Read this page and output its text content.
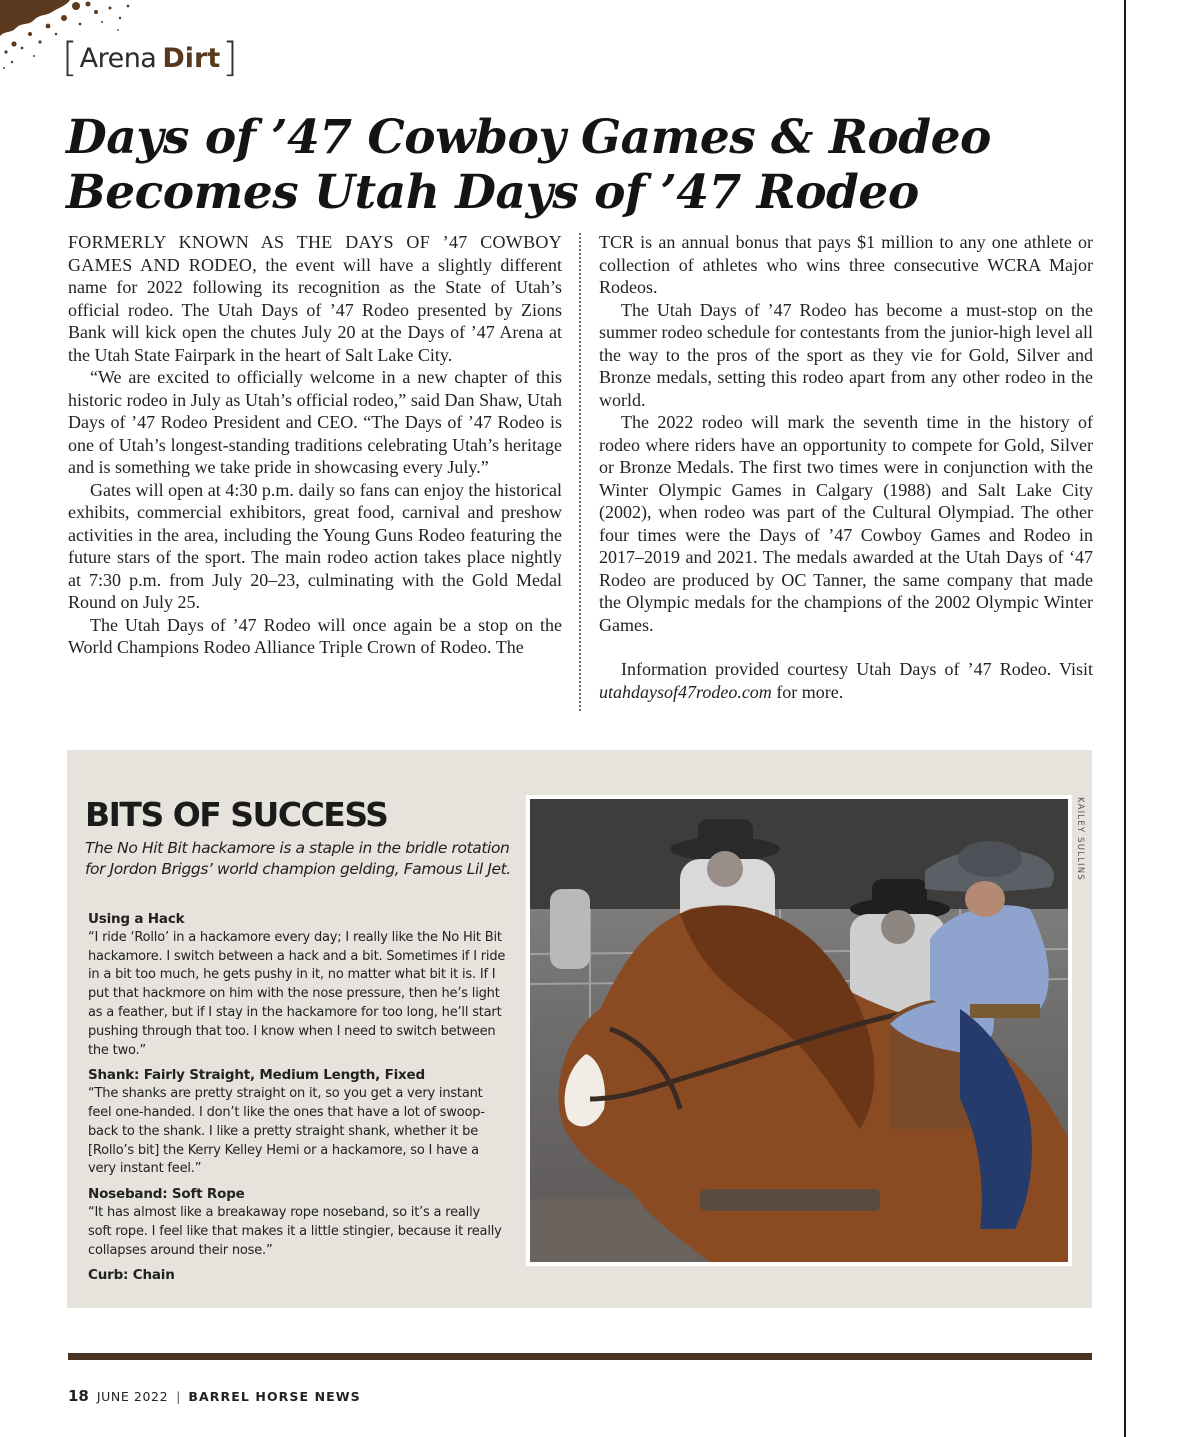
[ Arena Dirt ]
Days of ’47 Cowboy Games & Rodeo
Becomes Utah Days of ’47 Rodeo

FORMERLY KNOWN AS THE DAYS OF ’47 COWBOY GAMES AND RODEO, the event will have a slightly different name for 2022 following its recognition as the State of Utah’s official rodeo. The Utah Days of ’47 Rodeo presented by Zions Bank will kick open the chutes July 20 at the Days of ’47 Arena at the Utah State Fairpark in the heart of Salt Lake City.

“We are excited to officially welcome in a new chapter of this historic rodeo in July as Utah’s official rodeo,” said Dan Shaw, Utah Days of ’47 Rodeo President and CEO. “The Days of ’47 Rodeo is one of Utah’s longest-standing traditions celebrating Utah’s heritage and is something we take pride in showcasing every July.”

Gates will open at 4:30 p.m. daily so fans can enjoy the historical exhibits, commercial exhibitors, great food, carnival and preshow activities in the area, including the Young Guns Rodeo featuring the future stars of the sport. The main rodeo action takes place nightly at 7:30 p.m. from July 20–23, culminating with the Gold Medal Round on July 25.

The Utah Days of ’47 Rodeo will once again be a stop on the World Champions Rodeo Alliance Triple Crown of Rodeo. The

TCR is an annual bonus that pays $1 million to any one athlete or collection of athletes who wins three consecutive WCRA Major Rodeos.

The Utah Days of ’47 Rodeo has become a must-stop on the summer rodeo schedule for contestants from the junior-high level all the way to the pros of the sport as they vie for Gold, Silver and Bronze medals, setting this rodeo apart from any other rodeo in the world.

The 2022 rodeo will mark the seventh time in the history of rodeo where riders have an opportunity to compete for Gold, Silver or Bronze Medals. The first two times were in conjunction with the Winter Olympic Games in Calgary (1988) and Salt Lake City (2002), when rodeo was part of the Cultural Olympiad. The other four times were the Days of ’47 Cowboy Games and Rodeo in 2017–2019 and 2021. The medals awarded at the Utah Days of ‘47 Rodeo are produced by OC Tanner, the same company that made the Olympic medals for the champions of the 2002 Olympic Winter Games.

Information provided courtesy Utah Days of ’47 Rodeo. Visit utahdaysof47rodeo.com for more.

BITS OF SUCCESS
The No Hit Bit hackamore is a staple in the bridle rotation for Jordon Briggs’ world champion gelding, Famous Lil Jet.
Using a Hack

“I ride ‘Rollo’ in a hackamore every day; I really like the No Hit Bit hackamore. I switch between a hack and a bit. Sometimes if I ride in a bit too much, he gets pushy in it, no matter what bit it is. If I put that hackmore on him with the nose pressure, then he’s light as a feather, but if I stay in the hackamore for too long, he’ll start pushing through that too. I know when I need to switch between the two.”

Shank: Fairly Straight, Medium Length, Fixed

“The shanks are pretty straight on it, so you get a very instant feel one-handed. I don’t like the ones that have a lot of swoop-back to the shank. I like a pretty straight shank, whether it be [Rollo’s bit] the Kerry Kelley Hemi or a hackamore, so I have a very instant feel.”

Noseband: Soft Rope

“It has almost like a breakaway rope noseband, so it’s a really soft rope. I feel like that makes it a little stingier, because it really collapses around their nose.”

Curb: Chain
KAILEY SULLINS
18 JUNE 2022 | BARREL HORSE NEWS
